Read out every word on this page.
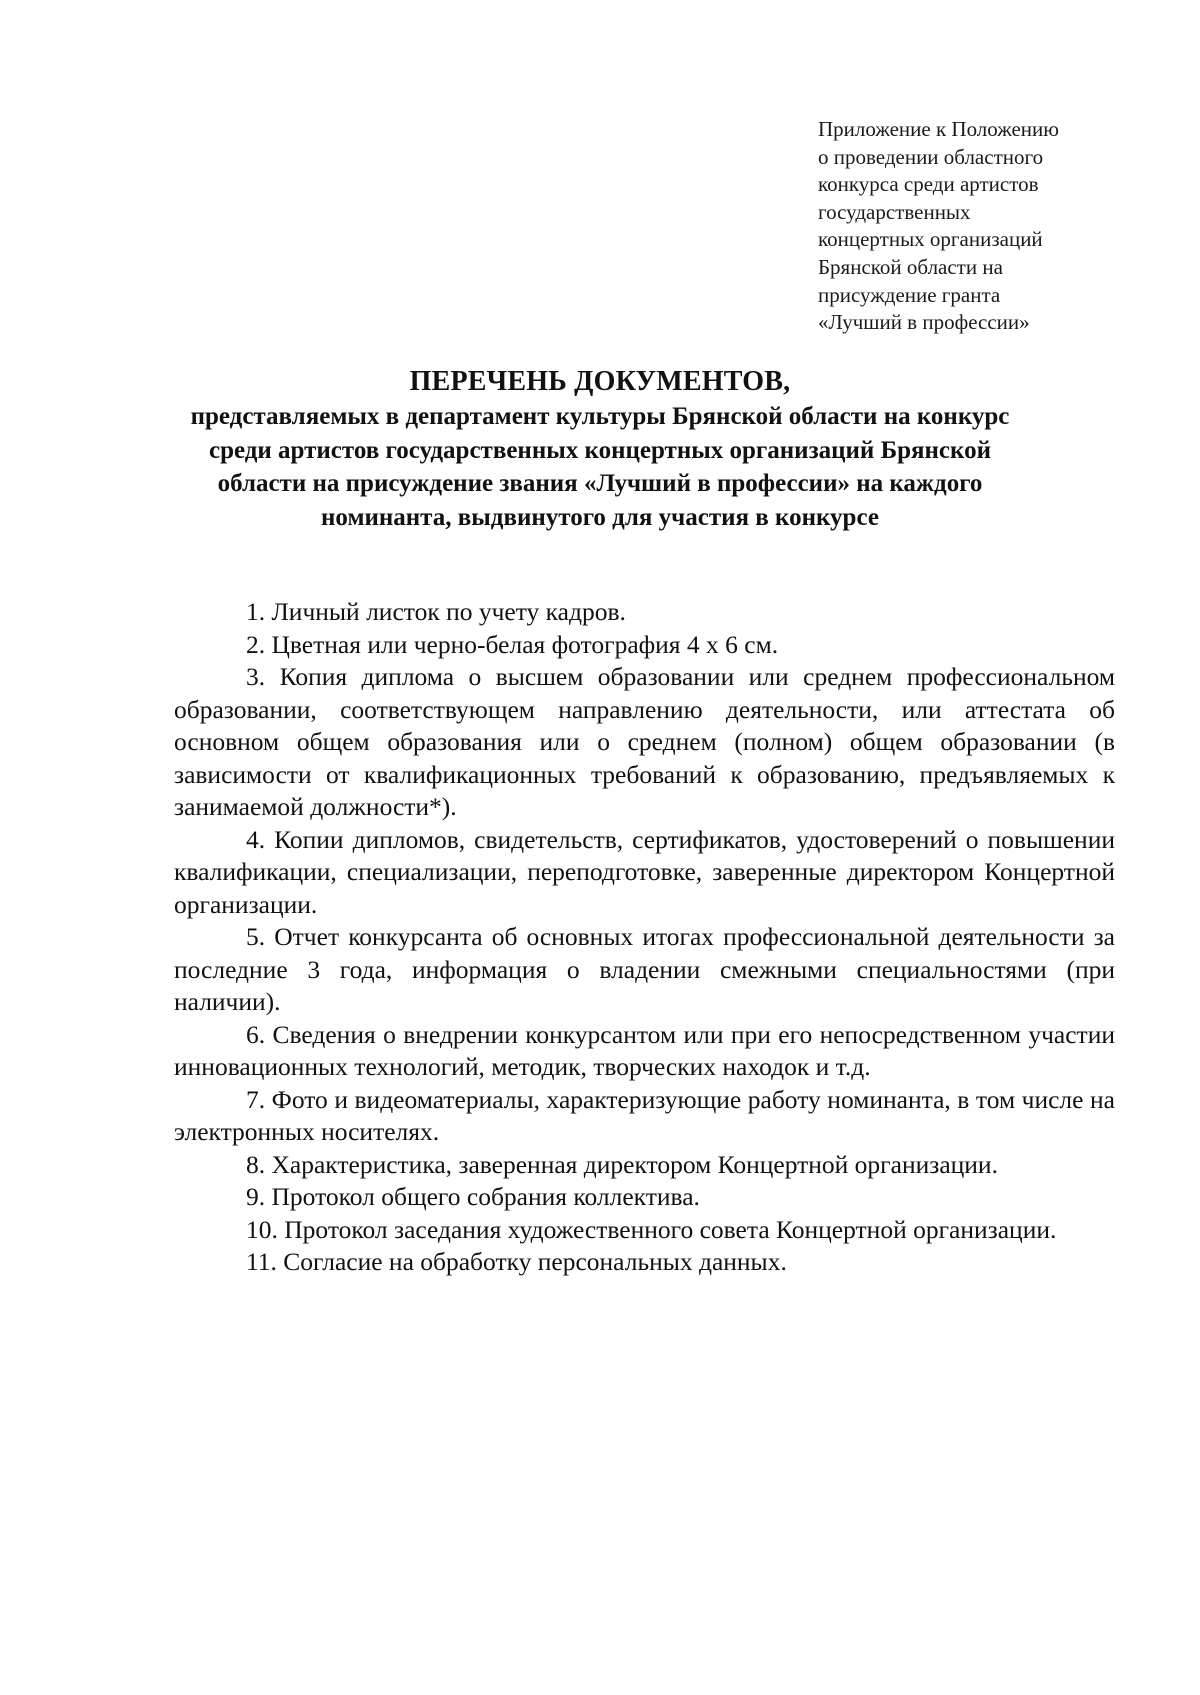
Приложение к Положению
о проведении областного
конкурса среди артистов
государственных
концертных организаций
Брянской области на
присуждение гранта
«Лучший в профессии»
ПЕРЕЧЕНЬ ДОКУМЕНТОВ,
представляемых в департамент культуры Брянской области на конкурс
среди артистов государственных концертных организаций Брянской
области на присуждение звания «Лучший в профессии» на каждого
номинанта, выдвинутого для участия в конкурсе

1. Личный листок по учету кадров.

2. Цветная или черно-белая фотография 4 х 6 см.

3. Копия диплома о высшем образовании или среднем профессиональном образовании, соответствующем направлению деятельности, или аттестата об основном общем образования или о среднем (полном) общем образовании (в зависимости от квалификационных требований к образованию, предъявляемых к занимаемой должности*).

4. Копии дипломов, свидетельств, сертификатов, удостоверений о повышении квалификации, специализации, переподготовке, заверенные директором Концертной организации.

5. Отчет конкурсанта об основных итогах профессиональной деятельности за последние 3 года, информация о владении смежными специальностями (при наличии).

6. Сведения о внедрении конкурсантом или при его непосредственном участии инновационных технологий, методик, творческих находок и т.д.

7. Фото и видеоматериалы, характеризующие работу номинанта, в том числе на электронных носителях.

8. Характеристика, заверенная директором Концертной организации.

9. Протокол общего собрания коллектива.

10. Протокол заседания художественного совета Концертной организации.

11. Согласие на обработку персональных данных.
